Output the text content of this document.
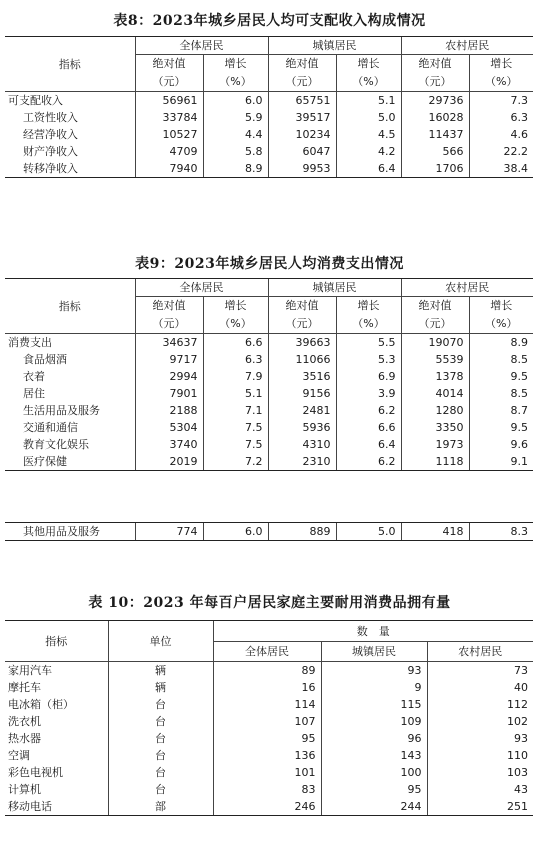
表8：2023年城乡居民人均可支配收入构成情况
指标	全体居民		城镇居民		农村居民	
	绝对值	增长	绝对值	增长	绝对值	增长
	（元）	（%）	（元）	（%）	（元）	（%）
可支配收入	56961	6.0	65751	5.1	29736	7.3
工资性收入	33784	5.9	39517	5.0	16028	6.3
经营净收入	10527	4.4	10234	4.5	11437	4.6
财产净收入	4709	5.8	6047	4.2	566	22.2
转移净收入	7940	8.9	9953	6.4	1706	38.4
表9：2023年城乡居民人均消费支出情况
指标	全体居民		城镇居民		农村居民	
	绝对值	增长	绝对值	增长	绝对值	增长
	（元）	（%）	（元）	（%）	（元）	（%）
消费支出	34637	6.6	39663	5.5	19070	8.9
食品烟酒	9717	6.3	11066	5.3	5539	8.5
衣着	2994	7.9	3516	6.9	1378	9.5
居住	7901	5.1	9156	3.9	4014	8.5
生活用品及服务	2188	7.1	2481	6.2	1280	8.7
交通和通信	5304	7.5	5936	6.6	3350	9.5
教育文化娱乐	3740	7.5	4310	6.4	1973	9.6
医疗保健	2019	7.2	2310	6.2	1118	9.1
其他用品及服务	774	6.0	889	5.0	418	8.3
表 10：2023 年每百户居民家庭主要耐用消费品拥有量
指标	单位	数　量		
		全体居民	城镇居民	农村居民
家用汽车	辆	89	93	73
摩托车	辆	16	9	40
电冰箱（柜）	台	114	115	112
洗衣机	台	107	109	102
热水器	台	95	96	93
空调	台	136	143	110
彩色电视机	台	101	100	103
计算机	台	83	95	43
移动电话	部	246	244	251
